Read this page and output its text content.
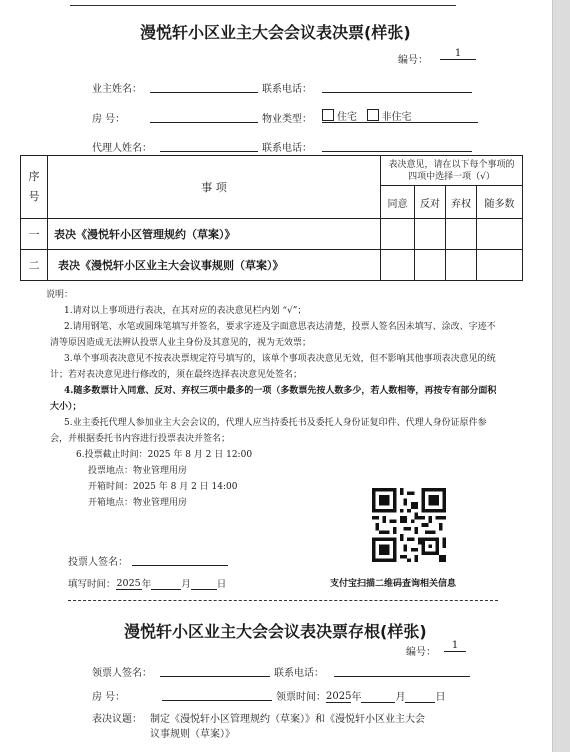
漫悦轩小区业主大会会议表决票(样张)
编号：
1
业主姓名：	联系电话：
房 号：	物业类型：	住宅 非住宅
代理人姓名：	联系电话：
序
号	事 项	表决意见，请在以下每个事项的四项中选择一项（√）			
		同意	反对	弃权	随多数
一	表决《漫悦轩小区管理规约（草案）》				
二	表决《漫悦轩小区业主大会议事规则（草案）》				

说明：

1.请对以上事项进行表决，在其对应的表决意见栏内划 “√”；

2.请用钢笔、水笔或圆珠笔填写并签名，要求字迹及字面意思表达清楚，投票人签名因未填写、涂改、字迹不清等原因造成无法辨认投票人业主身份及其意见的，视为无效票；

3.单个事项表决意见不按表决票规定符号填写的，该单个事项表决意见无效，但不影响其他事项表决意见的统计；若对表决意见进行修改的，须在最终选择表决意见处签名；

4.随多数票计入同意、反对、弃权三项中最多的一项（多数票先按人数多少，若人数相等，再按专有部分面积大小）；

5.业主委托代理人参加业主大会会议的，代理人应当持委托书及委托人身份证复印件、代理人身份证原件参会，并根据委托书内容进行投票表决并签名；

6.投票截止时间：2025 年 8 月 2 日 12:00

投票地点：物业管理用房

开箱时间：2025 年 8 月 2 日 14:00

开箱地点：物业管理用房

投票人签名：
填写时间：2025年	月	日	支付宝扫描二维码查询相关信息
漫悦轩小区业主大会会议表决票存根(样张)
编号：
1
领票人签名：	联系电话：
房 号：	领票时间：2025年	月	日
表决议题： 制定《漫悦轩小区管理规约（草案）》和《漫悦轩小区业主大会
议事规则（草案）》
